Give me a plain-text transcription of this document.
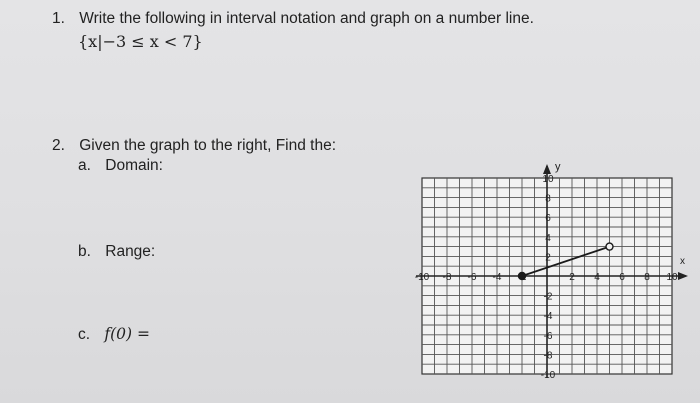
1. Write the following in interval notation and graph on a number line.
{x|−3 ≤ x < 7}
2. Given the graph to the right, Find the:
a. Domain:
b. Range:
c. f(0) =
x
y
-10 -8 -6 -4	2 4 6 8 10
10
8
6
4
2
-2
-4
-6
-8
-10
